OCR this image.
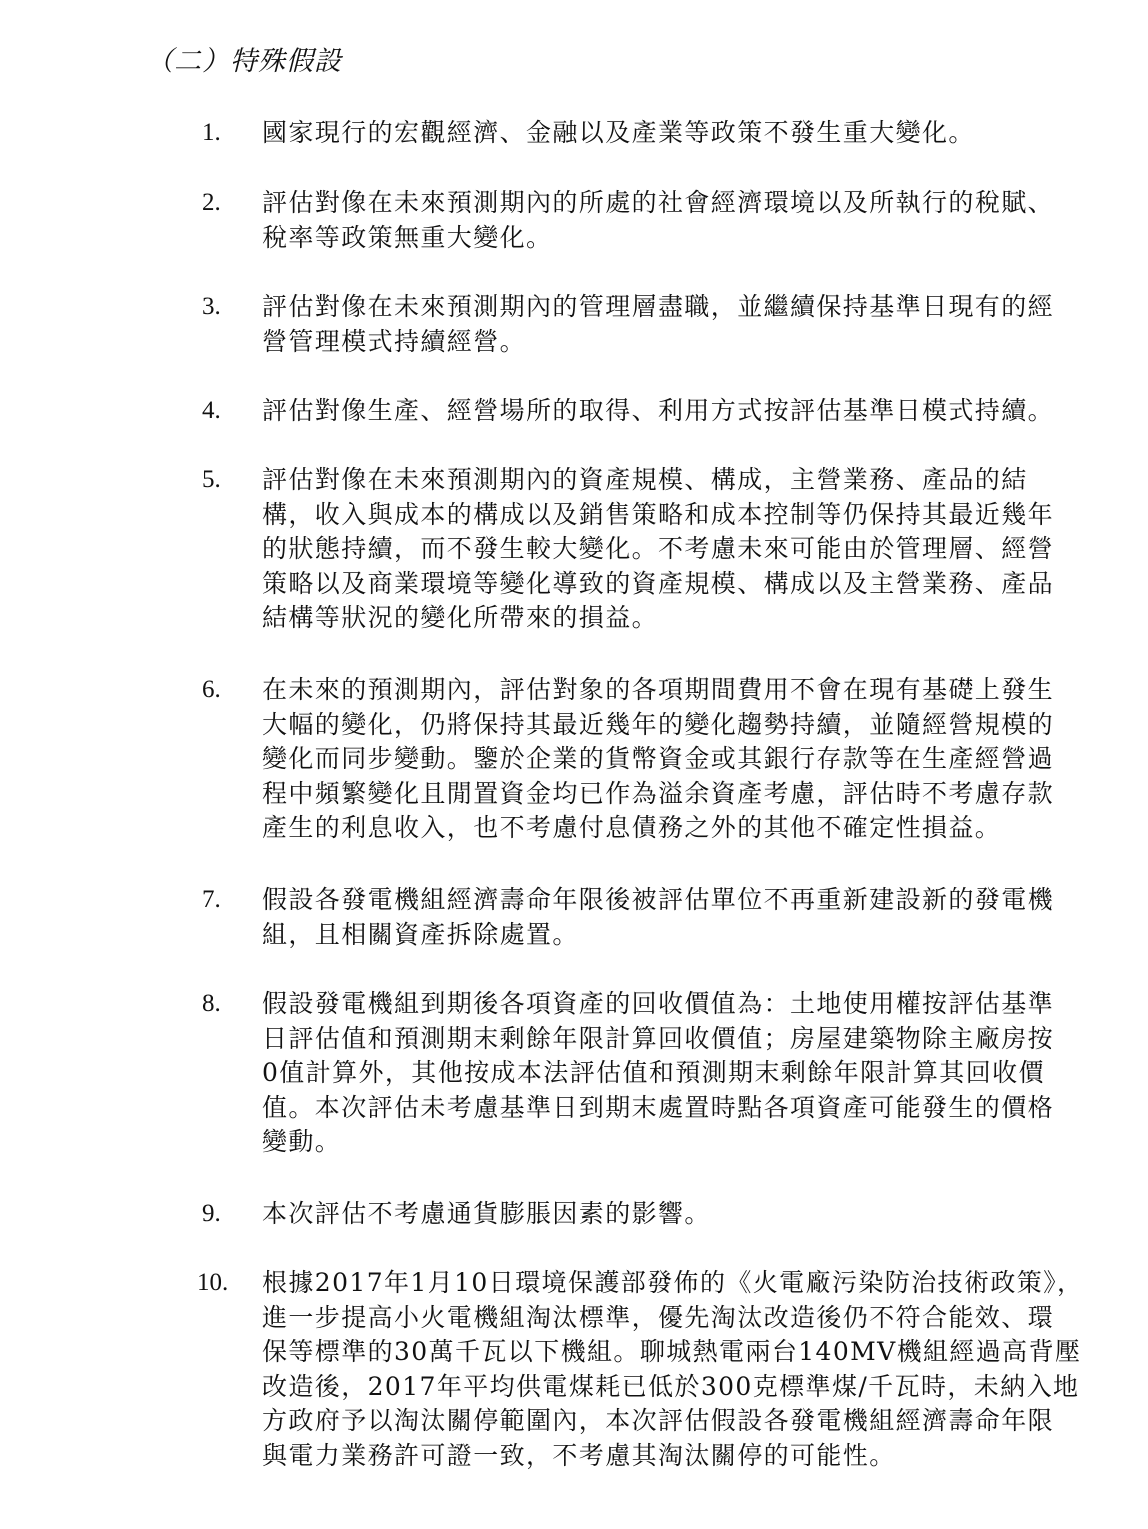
（二）特殊假設
1. 國家現行的宏觀經濟、金融以及產業等政策不發生重大變化。
2. 評估對像在未來預測期內的所處的社會經濟環境以及所執行的稅賦、
稅率等政策無重大變化。
3. 評估對像在未來預測期內的管理層盡職，並繼續保持基準日現有的經
營管理模式持續經營。
4. 評估對像生產、經營場所的取得、利用方式按評估基準日模式持續。
5. 評估對像在未來預測期內的資產規模、構成，主營業務、產品的結
構，收入與成本的構成以及銷售策略和成本控制等仍保持其最近幾年
的狀態持續，而不發生較大變化。不考慮未來可能由於管理層、經營
策略以及商業環境等變化導致的資產規模、構成以及主營業務、產品
結構等狀況的變化所帶來的損益。
6. 在未來的預測期內，評估對象的各項期間費用不會在現有基礎上發生
大幅的變化，仍將保持其最近幾年的變化趨勢持續，並隨經營規模的
變化而同步變動。鑒於企業的貨幣資金或其銀行存款等在生產經營過
程中頻繁變化且閒置資金均已作為溢余資產考慮，評估時不考慮存款
產生的利息收入，也不考慮付息債務之外的其他不確定性損益。
7. 假設各發電機組經濟壽命年限後被評估單位不再重新建設新的發電機
組，且相關資產拆除處置。
8. 假設發電機組到期後各項資產的回收價值為：土地使用權按評估基準
日評估值和預測期末剩餘年限計算回收價值；房屋建築物除主廠房按
0值計算外，其他按成本法評估值和預測期末剩餘年限計算其回收價
值。本次評估未考慮基準日到期末處置時點各項資產可能發生的價格
變動。
9. 本次評估不考慮通貨膨脹因素的影響。
10. 根據2017年1月10日環境保護部發佈的《火電廠污染防治技術政策》，
進一步提高小火電機組淘汰標準，優先淘汰改造後仍不符合能效、環
保等標準的30萬千瓦以下機組。聊城熱電兩台140MV機組經過高背壓
改造後，2017年平均供電煤耗已低於300克標準煤/千瓦時，未納入地
方政府予以淘汰關停範圍內，本次評估假設各發電機組經濟壽命年限
與電力業務許可證一致，不考慮其淘汰關停的可能性。
